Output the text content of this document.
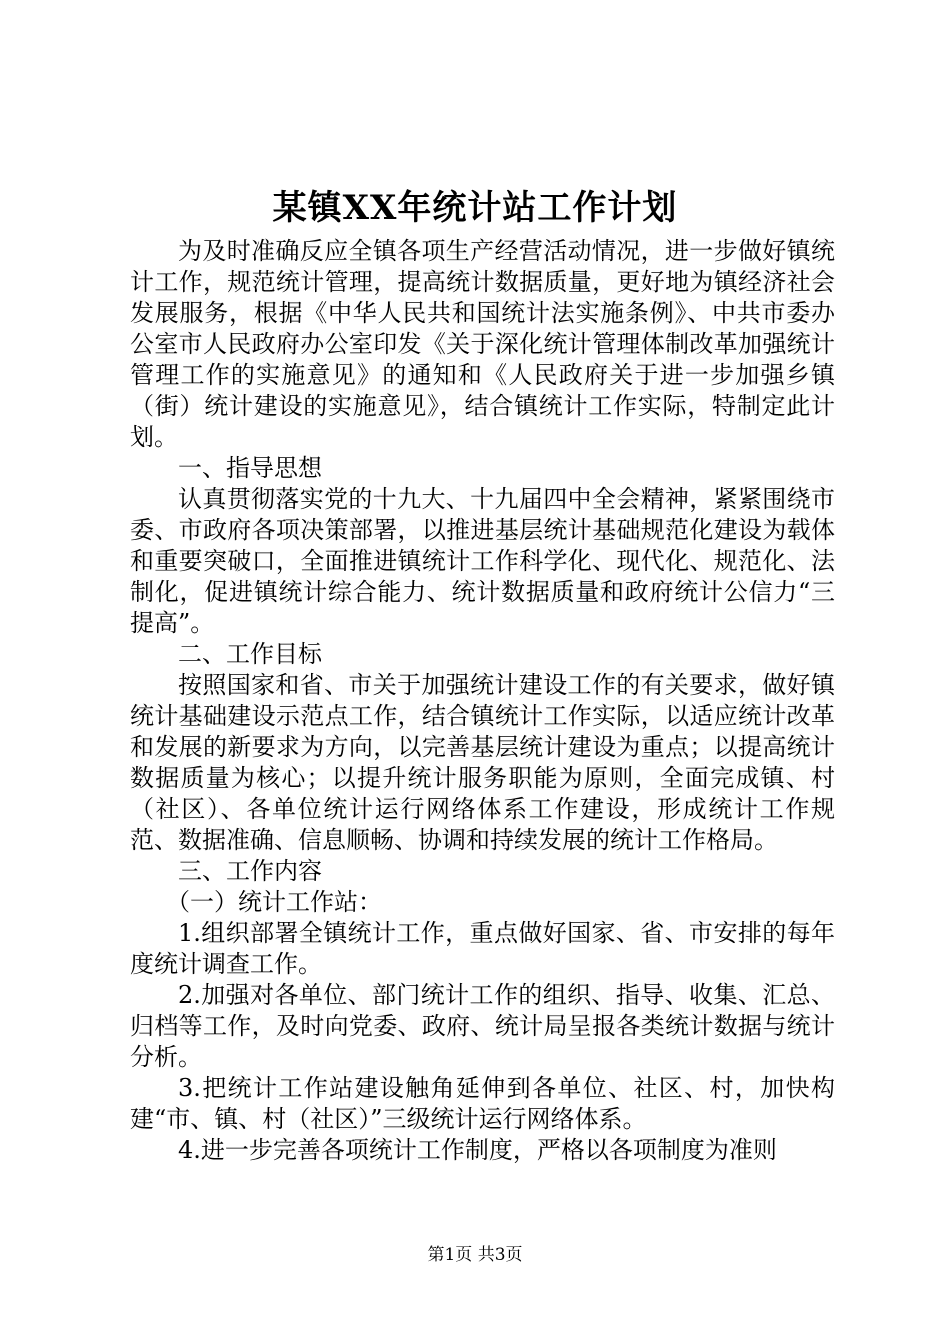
某镇XX年统计站工作计划

为及时准确反应全镇各项生产经营活动情况，进一步做好镇统计工作，规范统计管理，提高统计数据质量，更好地为镇经济社会发展服务，根据《中华人民共和国统计法实施条例》、中共市委办公室市人民政府办公室印发《关于深化统计管理体制改革加强统计管理工作的实施意见》的通知和《人民政府关于进一步加强乡镇（街）统计建设的实施意见》，结合镇统计工作实际，特制定此计划。

一、指导思想

认真贯彻落实党的十九大、十九届四中全会精神，紧紧围绕市委、市政府各项决策部署，以推进基层统计基础规范化建设为载体和重要突破口，全面推进镇统计工作科学化、现代化、规范化、法制化，促进镇统计综合能力、统计数据质量和政府统计公信力“三提高”。

二、工作目标

按照国家和省、市关于加强统计建设工作的有关要求，做好镇统计基础建设示范点工作，结合镇统计工作实际，以适应统计改革和发展的新要求为方向，以完善基层统计建设为重点；以提高统计数据质量为核心；以提升统计服务职能为原则，全面完成镇、村（社区）、各单位统计运行网络体系工作建设，形成统计工作规范、数据准确、信息顺畅、协调和持续发展的统计工作格局。

三、工作内容

（一）统计工作站：

1.组织部署全镇统计工作，重点做好国家、省、市安排的每年度统计调查工作。

2.加强对各单位、部门统计工作的组织、指导、收集、汇总、归档等工作，及时向党委、政府、统计局呈报各类统计数据与统计分析。

3.把统计工作站建设触角延伸到各单位、社区、村，加快构建“市、镇、村（社区）”三级统计运行网络体系。

4.进一步完善各项统计工作制度，严格以各项制度为准则

第1页 共3页
